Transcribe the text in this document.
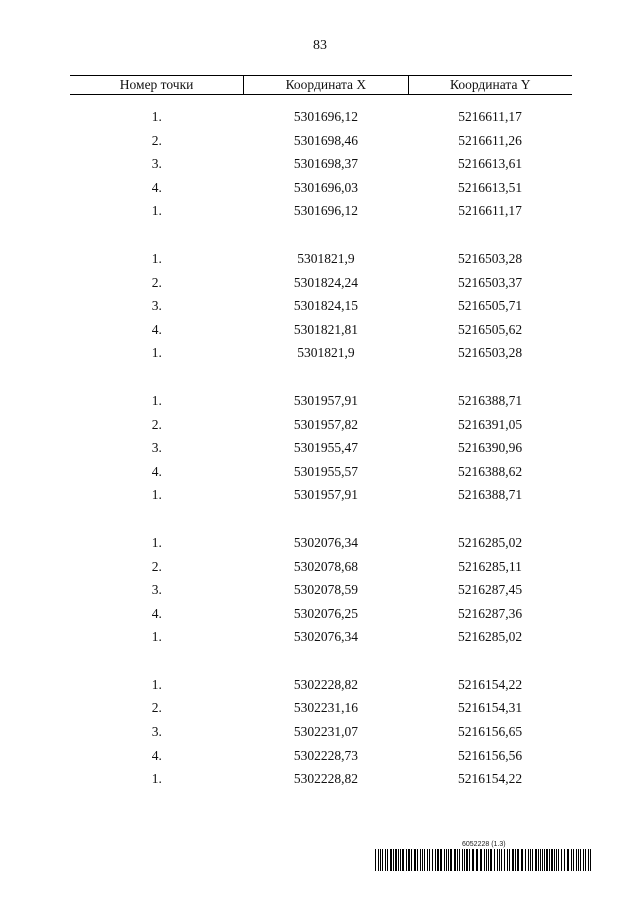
83
Номер точки	Координата X	Координата Y

1.	5301696,12	5216611,17
2.	5301698,46	5216611,26
3.	5301698,37	5216613,61
4.	5301696,03	5216613,51
1.	5301696,12	5216611,17

1.	5301821,9	5216503,28
2.	5301824,24	5216503,37
3.	5301824,15	5216505,71
4.	5301821,81	5216505,62
1.	5301821,9	5216503,28

1.	5301957,91	5216388,71
2.	5301957,82	5216391,05
3.	5301955,47	5216390,96
4.	5301955,57	5216388,62
1.	5301957,91	5216388,71

1.	5302076,34	5216285,02
2.	5302078,68	5216285,11
3.	5302078,59	5216287,45
4.	5302076,25	5216287,36
1.	5302076,34	5216285,02

1.	5302228,82	5216154,22
2.	5302231,16	5216154,31
3.	5302231,07	5216156,65
4.	5302228,73	5216156,56
1.	5302228,82	5216154,22
6052228 (1.3)
